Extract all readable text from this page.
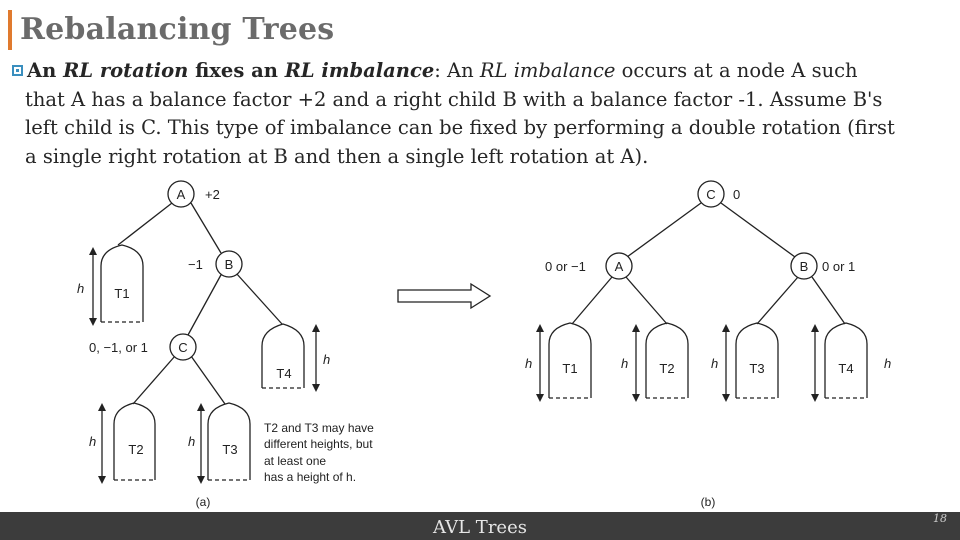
Rebalancing Trees
An RL rotation fixes an RL imbalance: An RL imbalance occurs at a node A such
that A has a balance factor +2 and a right child B with a balance factor -1. Assume B's
left child is C. This type of imbalance can be fixed by performing a double rotation (first
a single right rotation at B and then a single left rotation at A).
A +2
B
−1
C
0, −1, or 1
T1
T4
T2	T3
h
h
h	h
T2 and T3 may have
different heights, but
at least one
has a height of h.
(a)
C 0
A
0 or −1	B 0 or 1
T1	T2	T3	T4
h	h	h	h
(b)
AVL Trees	18
